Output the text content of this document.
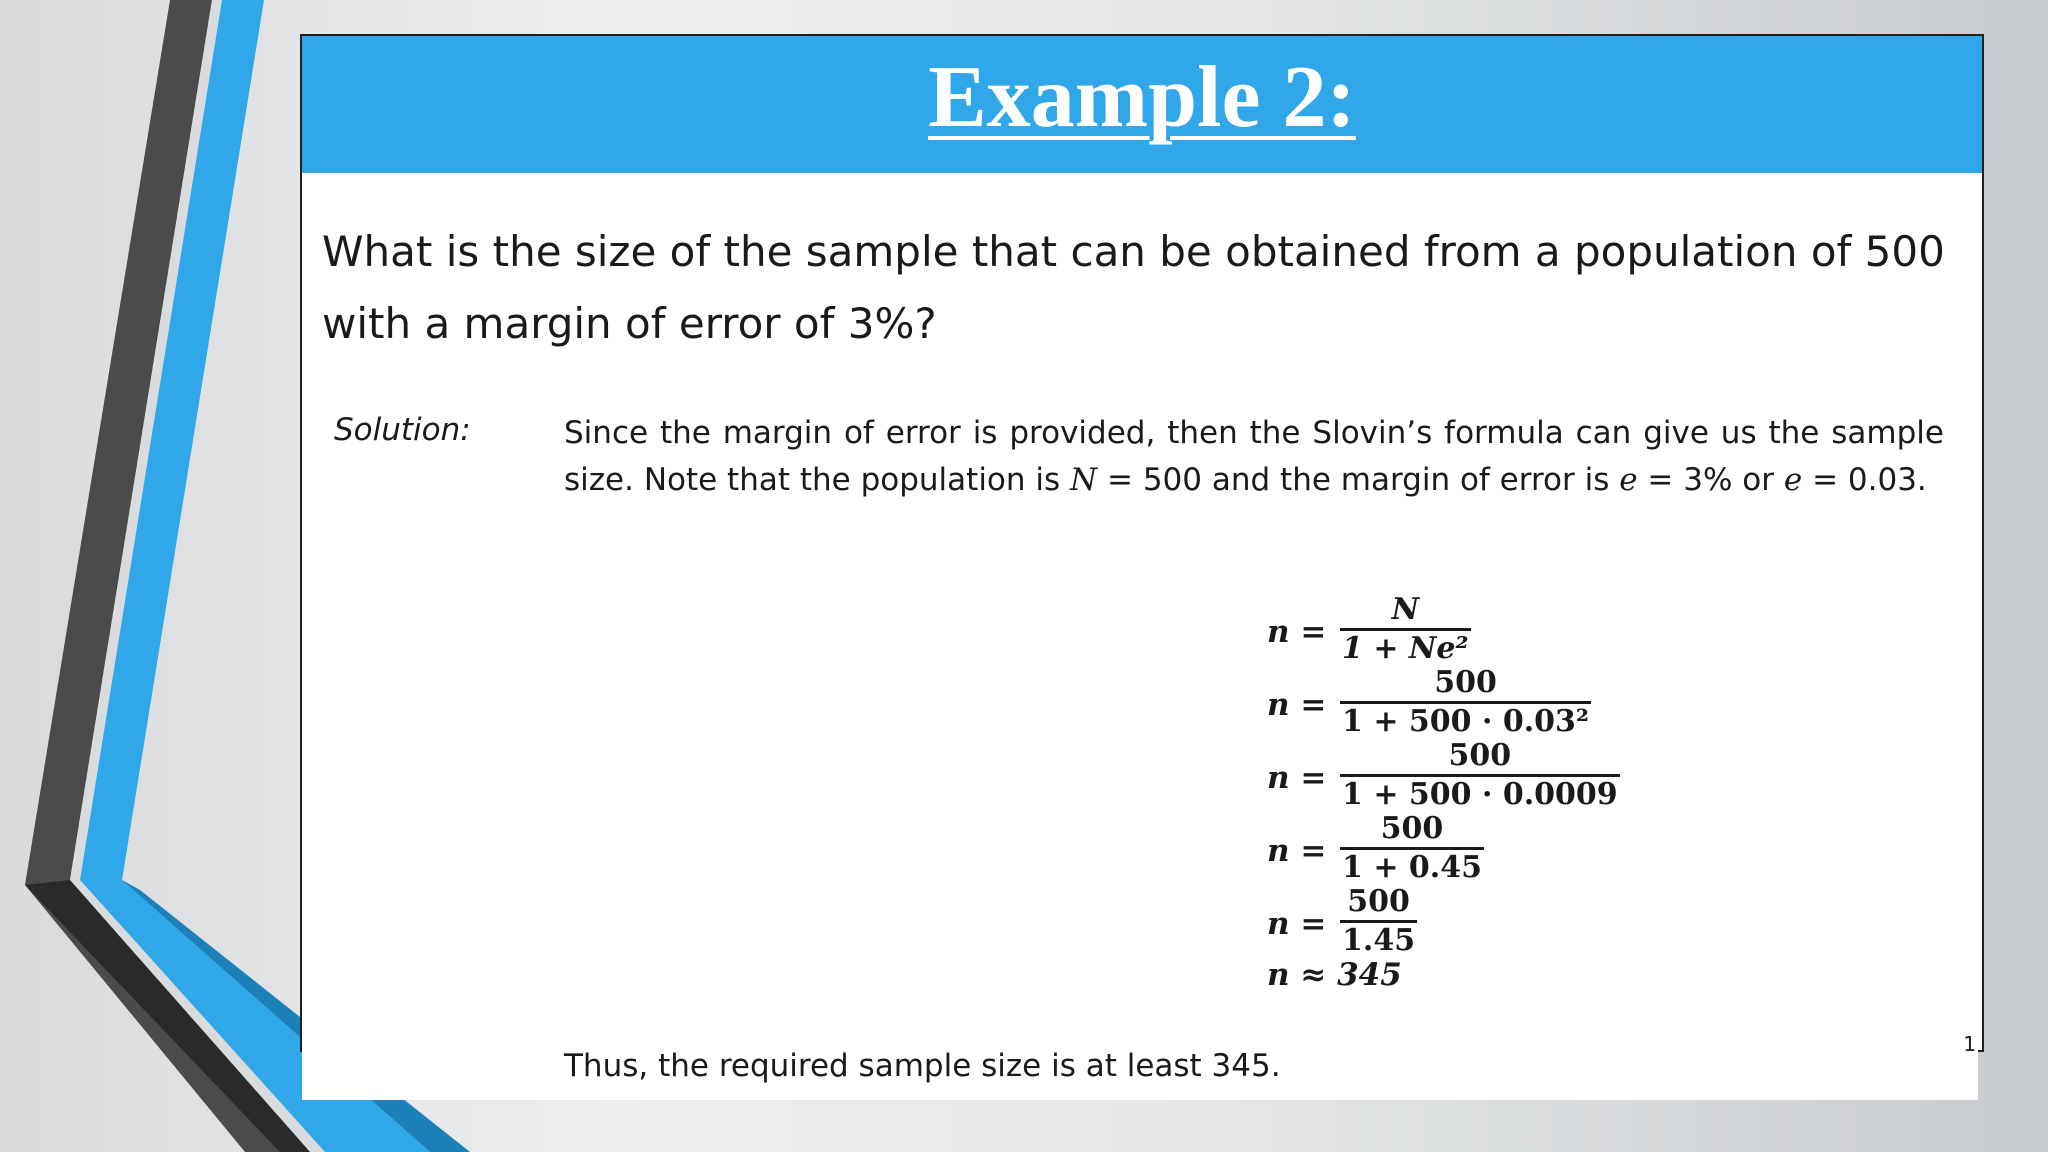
Example 2:
What is the size of the sample that can be obtained from a population of 500 with a margin of error of 3%?
Solution:	Since the margin of error is provided, then the Slovin’s formula can give us the sample size. Note that the population is N = 500 and the margin of error is e = 3% or e = 0.03.
$n = \frac{N}{\text{1 + Ne²}}$
$n = \frac{500}{\text{1 + 500 · 0.03²}}$
$n = \frac{500}{1 + 500 \cdot 0.0009}$
$n = \frac{500}{1 + 0.45}$
$n = \frac{500}{1.45}$
n ≈ 345
Thus, the required sample size is at least 345.
1
